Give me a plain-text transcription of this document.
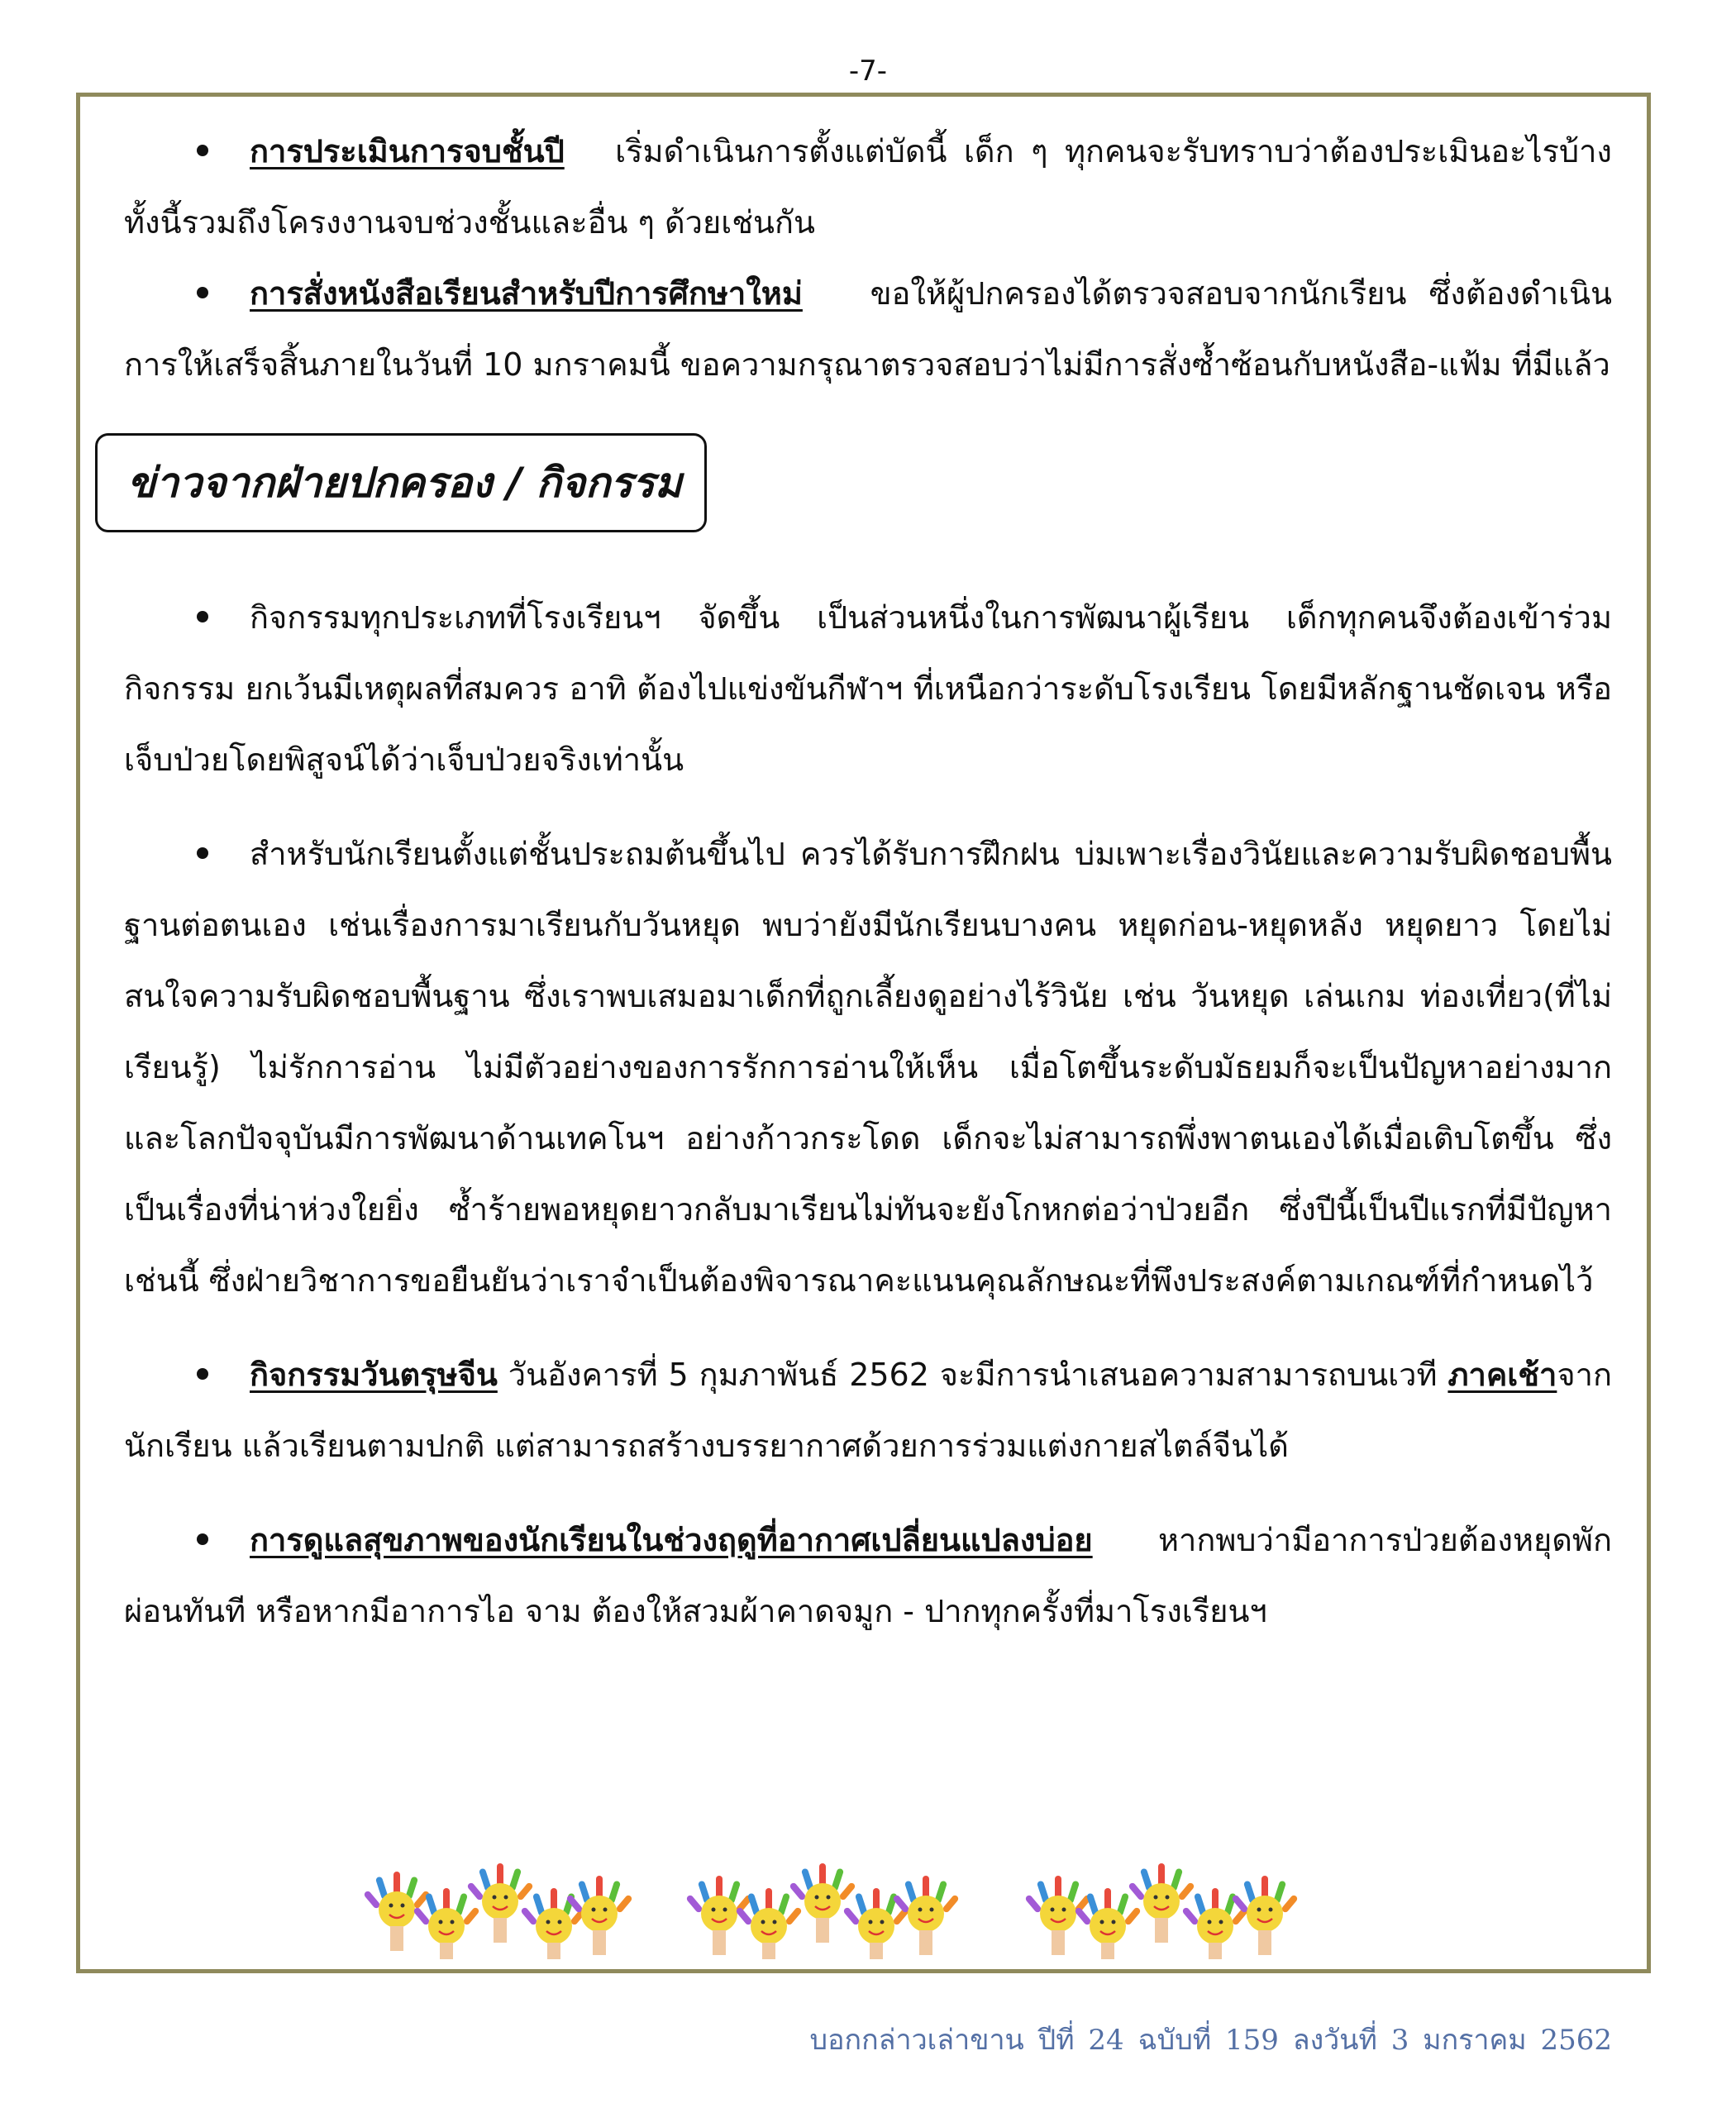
-7-

การประเมินการจบชั้นปี เริ่มดำเนินการตั้งแต่บัดนี้ เด็ก ๆ ทุกคนจะรับทราบว่าต้องประเมินอะไรบ้าง ทั้งนี้รวมถึงโครงงานจบช่วงชั้นและอื่น ๆ ด้วยเช่นกัน

การสั่งหนังสือเรียนสำหรับปีการศึกษาใหม่ ขอให้ผู้ปกครองได้ตรวจสอบจากนักเรียน ซึ่งต้องดำเนินการให้เสร็จสิ้นภายในวันที่ 10 มกราคมนี้ ขอความกรุณาตรวจสอบว่าไม่มีการสั่งซ้ำซ้อนกับหนังสือ-แฟ้ม ที่มีแล้ว

ข่าวจากฝ่ายปกครอง / กิจกรรม

กิจกรรมทุกประเภทที่โรงเรียนฯ จัดขึ้น เป็นส่วนหนึ่งในการพัฒนาผู้เรียน เด็กทุกคนจึงต้องเข้าร่วมกิจกรรม ยกเว้นมีเหตุผลที่สมควร อาทิ ต้องไปแข่งขันกีฬาฯ ที่เหนือกว่าระดับโรงเรียน โดยมีหลักฐานชัดเจน หรือเจ็บป่วยโดยพิสูจน์ได้ว่าเจ็บป่วยจริงเท่านั้น

สำหรับนักเรียนตั้งแต่ชั้นประถมต้นขึ้นไป ควรได้รับการฝึกฝน บ่มเพาะเรื่องวินัยและความรับผิดชอบพื้นฐานต่อตนเอง เช่นเรื่องการมาเรียนกับวันหยุด พบว่ายังมีนักเรียนบางคน หยุดก่อน-หยุดหลัง หยุดยาว โดยไม่สนใจความรับผิดชอบพื้นฐาน ซึ่งเราพบเสมอมาเด็กที่ถูกเลี้ยงดูอย่างไร้วินัย เช่น วันหยุด เล่นเกม ท่องเที่ยว(ที่ไม่เรียนรู้) ไม่รักการอ่าน ไม่มีตัวอย่างของการรักการอ่านให้เห็น เมื่อโตขึ้นระดับมัธยมก็จะเป็นปัญหาอย่างมาก และโลกปัจจุบันมีการพัฒนาด้านเทคโนฯ อย่างก้าวกระโดด เด็กจะไม่สามารถพึ่งพาตนเองได้เมื่อเติบโตขึ้น ซึ่งเป็นเรื่องที่น่าห่วงใยยิ่ง ซ้ำร้ายพอหยุดยาวกลับมาเรียนไม่ทันจะยังโกหกต่อว่าป่วยอีก ซึ่งปีนี้เป็นปีแรกที่มีปัญหาเช่นนี้ ซึ่งฝ่ายวิชาการขอยืนยันว่าเราจำเป็นต้องพิจารณาคะแนนคุณลักษณะที่พึงประสงค์ตามเกณฑ์ที่กำหนดไว้

กิจกรรมวันตรุษจีน วันอังคารที่ 5 กุมภาพันธ์ 2562 จะมีการนำเสนอความสามารถบนเวที ภาคเช้าจากนักเรียน แล้วเรียนตามปกติ แต่สามารถสร้างบรรยากาศด้วยการร่วมแต่งกายสไตล์จีนได้

การดูแลสุขภาพของนักเรียนในช่วงฤดูที่อากาศเปลี่ยนแปลงบ่อย หากพบว่ามีอาการป่วยต้องหยุดพักผ่อนทันที หรือหากมีอาการไอ จาม ต้องให้สวมผ้าคาดจมูก - ปากทุกครั้งที่มาโรงเรียนฯ

บอกกล่าวเล่าขาน ปีที่ 24 ฉบับที่ 159 ลงวันที่ 3 มกราคม 2562
